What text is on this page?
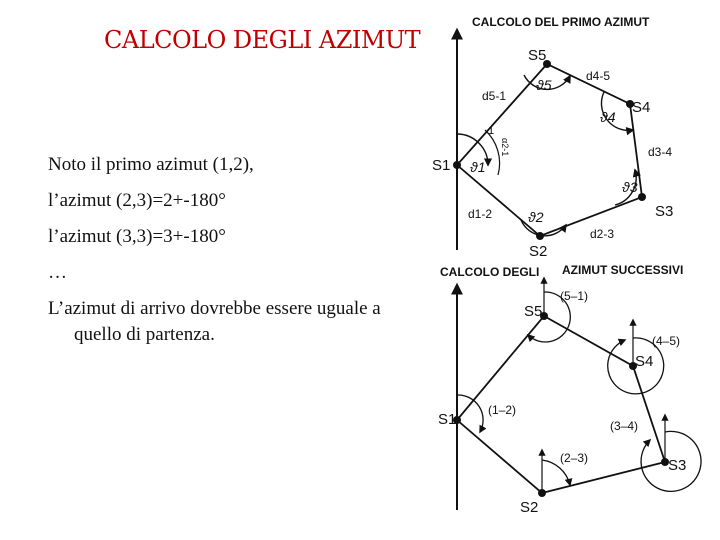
CALCOLO DEGLI AZIMUT

Noto il primo azimut (1,2),

l’azimut (2,3)=2+-180°

l’azimut (3,3)=3+-180°

…

L’azimut di arrivo dovrebbe essere uguale a

quello di partenza.

CALCOLO DEL PRIMO AZIMUT
S1
S2
S3
S4
S5
d1-2
d2-3
d3-4
d4-5
d5-1
ϑ1
ϑ2
ϑ3
ϑ4
ϑ5
1
α2-1
CALCOLO DEGLI AZIMUT SUCCESSIVI
S1
S2
S3
S4
S5
(1–2)
(2–3)
(3–4)
(4–5)
(5–1)
